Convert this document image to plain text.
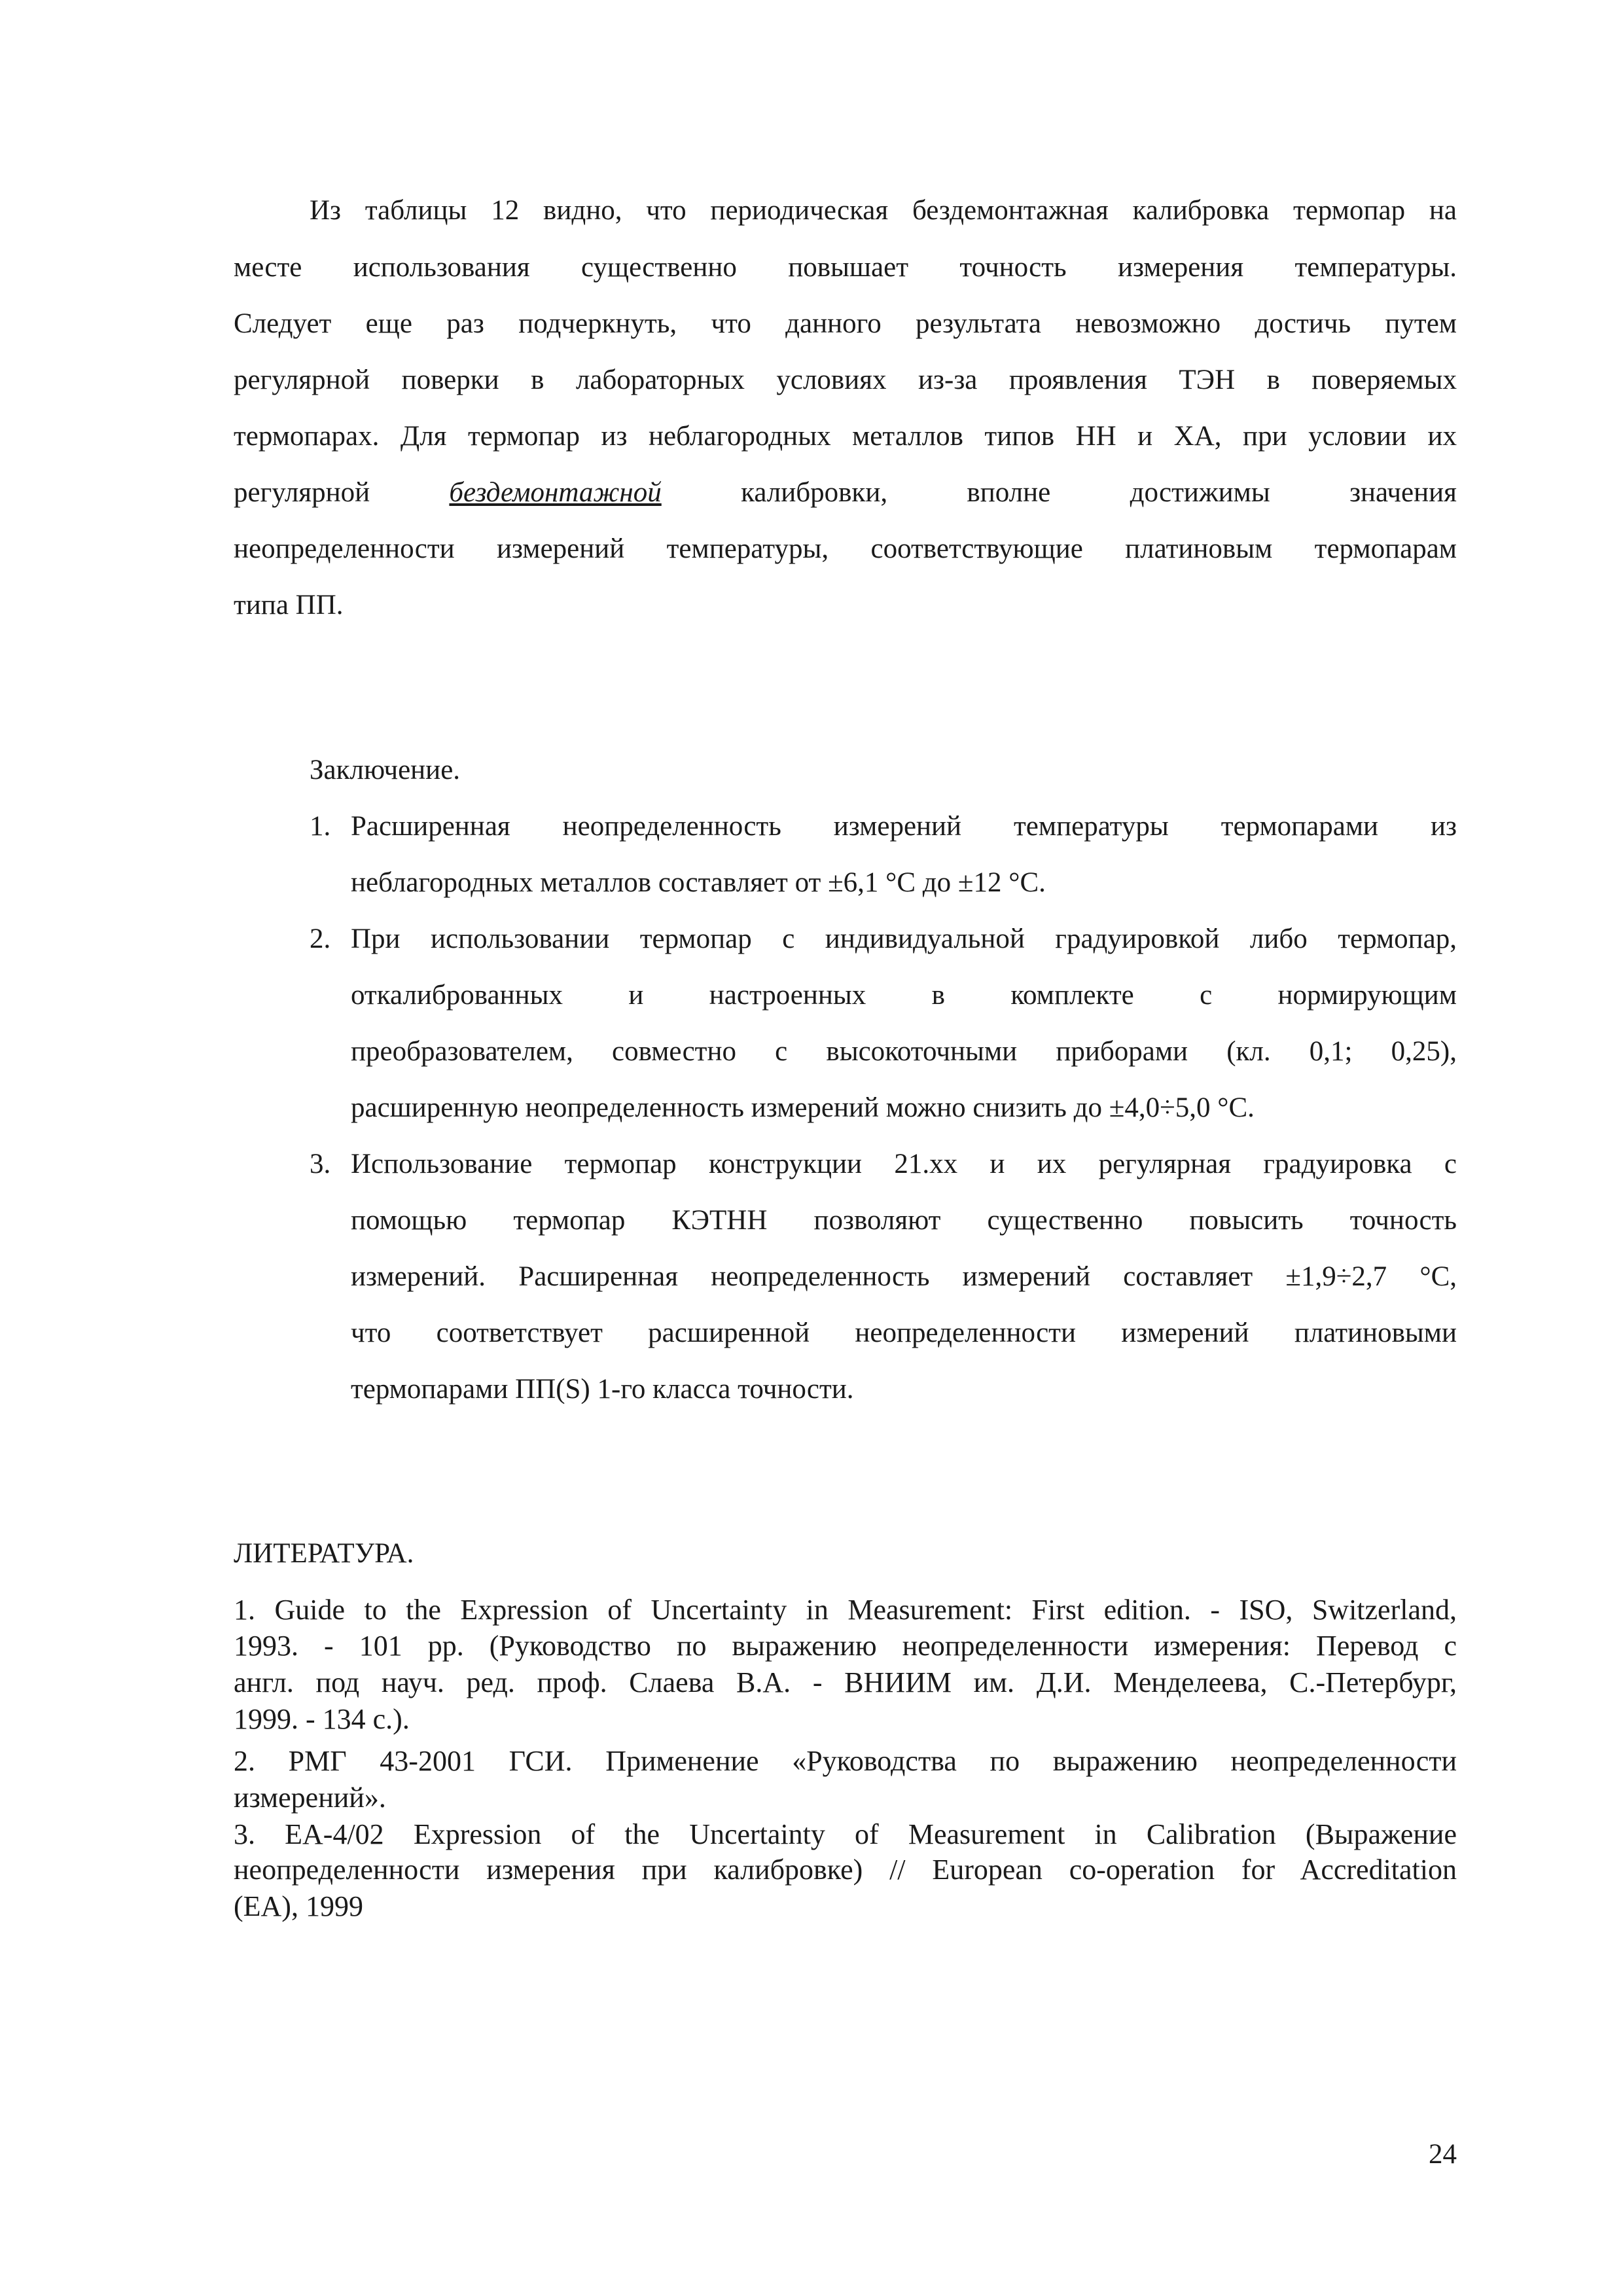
Из таблицы 12 видно, что периодическая бездемонтажная калибровка термопар на
месте использования существенно повышает точность измерения температуры.
Следует еще раз подчеркнуть, что данного результата невозможно достичь путем
регулярной поверки в лабораторных условиях из-за проявления ТЭН в поверяемых
термопарах. Для термопар из неблагородных металлов типов НН и ХА, при условии их
регулярной	бездемонтажной	калибровки,	вполне	достижимы	значения
неопределенности измерений температуры, соответствующие платиновым термопарам
типа ПП.
Заключение.
1. Расширенная неопределенность измерений температуры термопарами из
неблагородных металлов составляет от ±6,1 °С до ±12 °С.
2. При использовании термопар с индивидуальной градуировкой либо термопар,
откалиброванных и настроенных в комплекте с нормирующим
преобразователем, совместно с высокоточными приборами (кл. 0,1; 0,25),
расширенную неопределенность измерений можно снизить до ±4,0÷5,0 °С.
3. Использование термопар конструкции 21.хх и их регулярная градуировка с
помощью термопар КЭТНН позволяют существенно повысить точность
измерений. Расширенная неопределенность измерений составляет ±1,9÷2,7 °С,
что соответствует расширенной неопределенности измерений платиновыми
термопарами ПП(S) 1-го класса точности.
ЛИТЕРАТУРА.
1. Guide to the Expression of Uncertainty in Measurement: First edition. - ISO, Switzerland,
1993. - 101 pp. (Руководство по выражению неопределенности измерения: Перевод с
англ. под науч. ред. проф. Слаева В.А. - ВНИИМ им. Д.И. Менделеева, С.-Петербург,
1999. - 134 с.).
2. РМГ 43-2001 ГСИ. Применение «Руководства по выражению неопределенности
измерений».
3. EA-4/02 Expression of the Uncertainty of Measurement in Calibration (Выражение
неопределенности измерения при калибровке) // European co-operation for Accreditation
(EA), 1999
24
